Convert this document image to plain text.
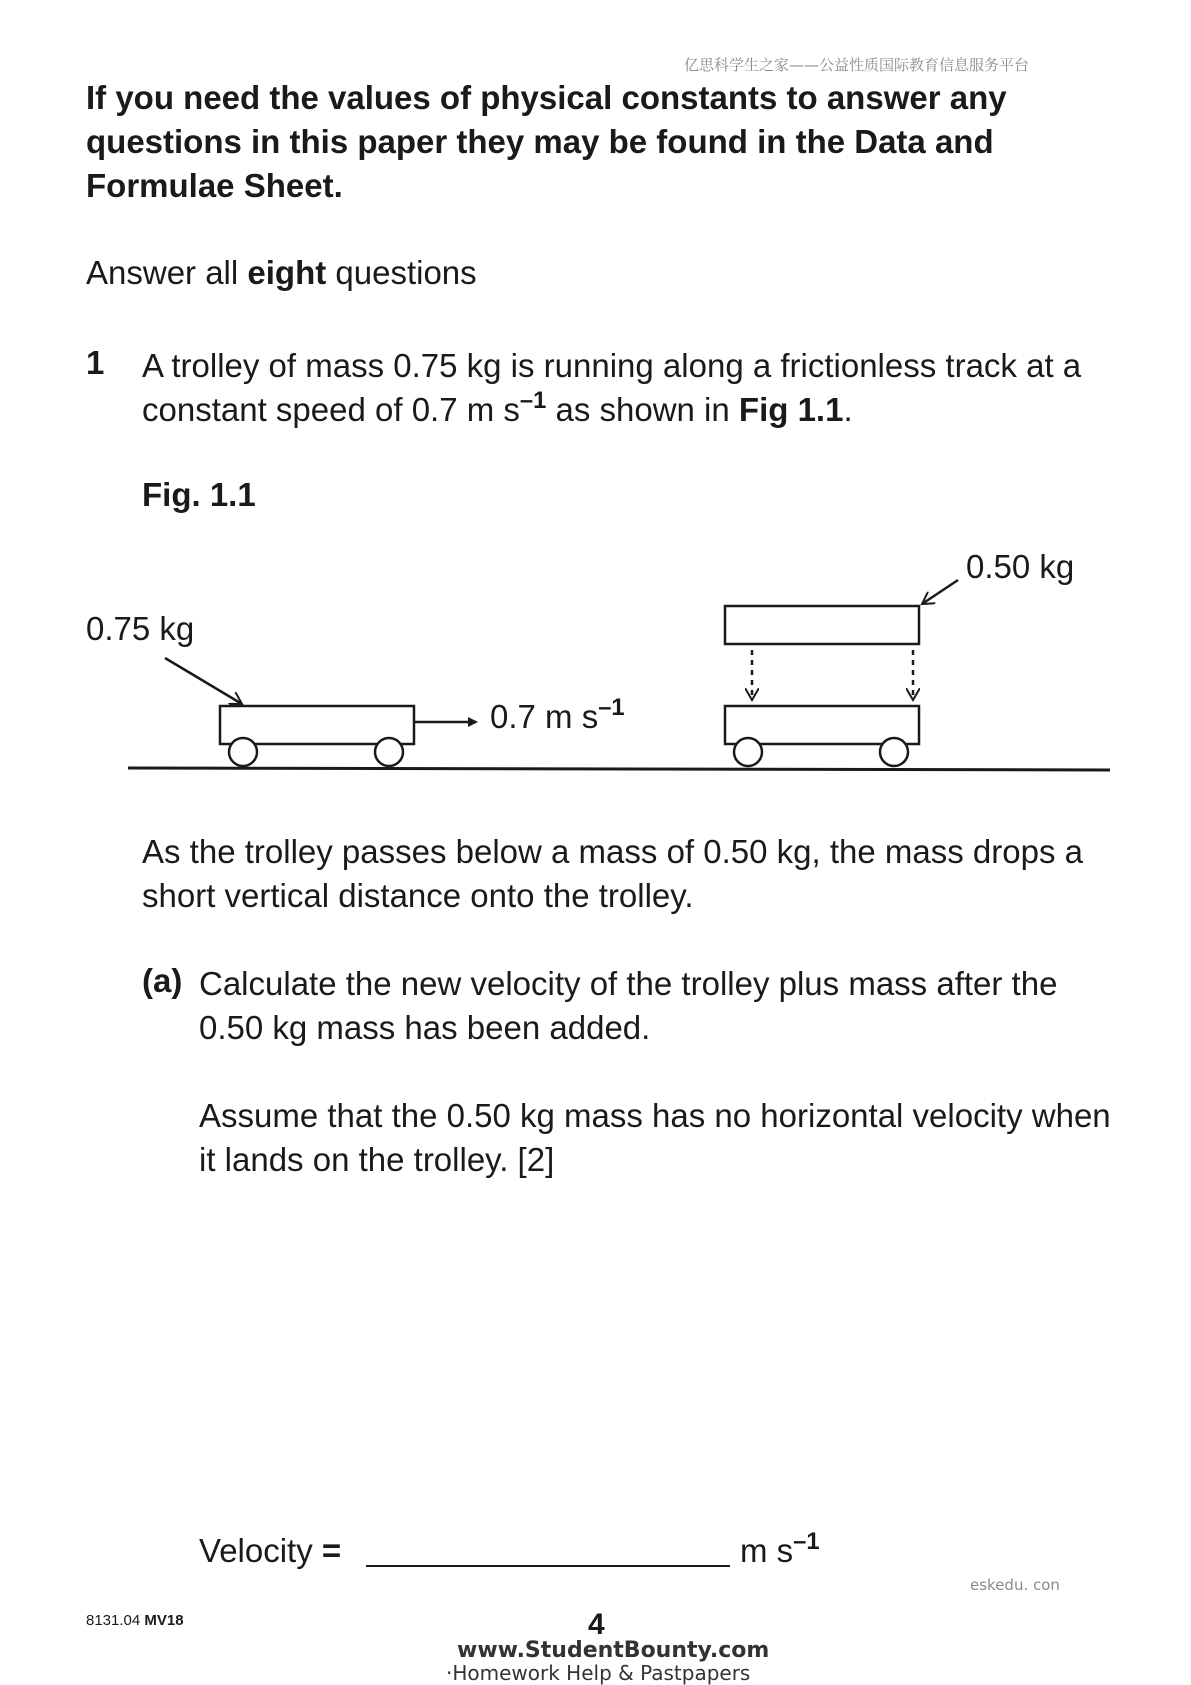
亿思科学生之家——公益性质国际教育信息服务平台
If you need the values of physical constants to answer any questions in this paper they may be found in the Data and Formulae Sheet.
Answer all eight questions
1 A trolley of mass 0.75 kg is running along a frictionless track at a constant speed of 0.7 m $s^{-1}$ as shown in Fig 1.1.
Fig. 1.1
0.75 kg
0.7 m $s^{-1}$
0.50 kg
As the trolley passes below a mass of 0.50 kg, the mass drops a short vertical distance onto the trolley.
(a) Calculate the new velocity of the trolley plus mass after the 0.50 kg mass has been added.
Assume that the 0.50 kg mass has no horizontal velocity when it lands on the trolley. [2]
Velocity =	m $s^{-1}$
eskedu. con
8131.04 MV18	4
www.StudentBounty.com
·Homework Help & Pastpapers
